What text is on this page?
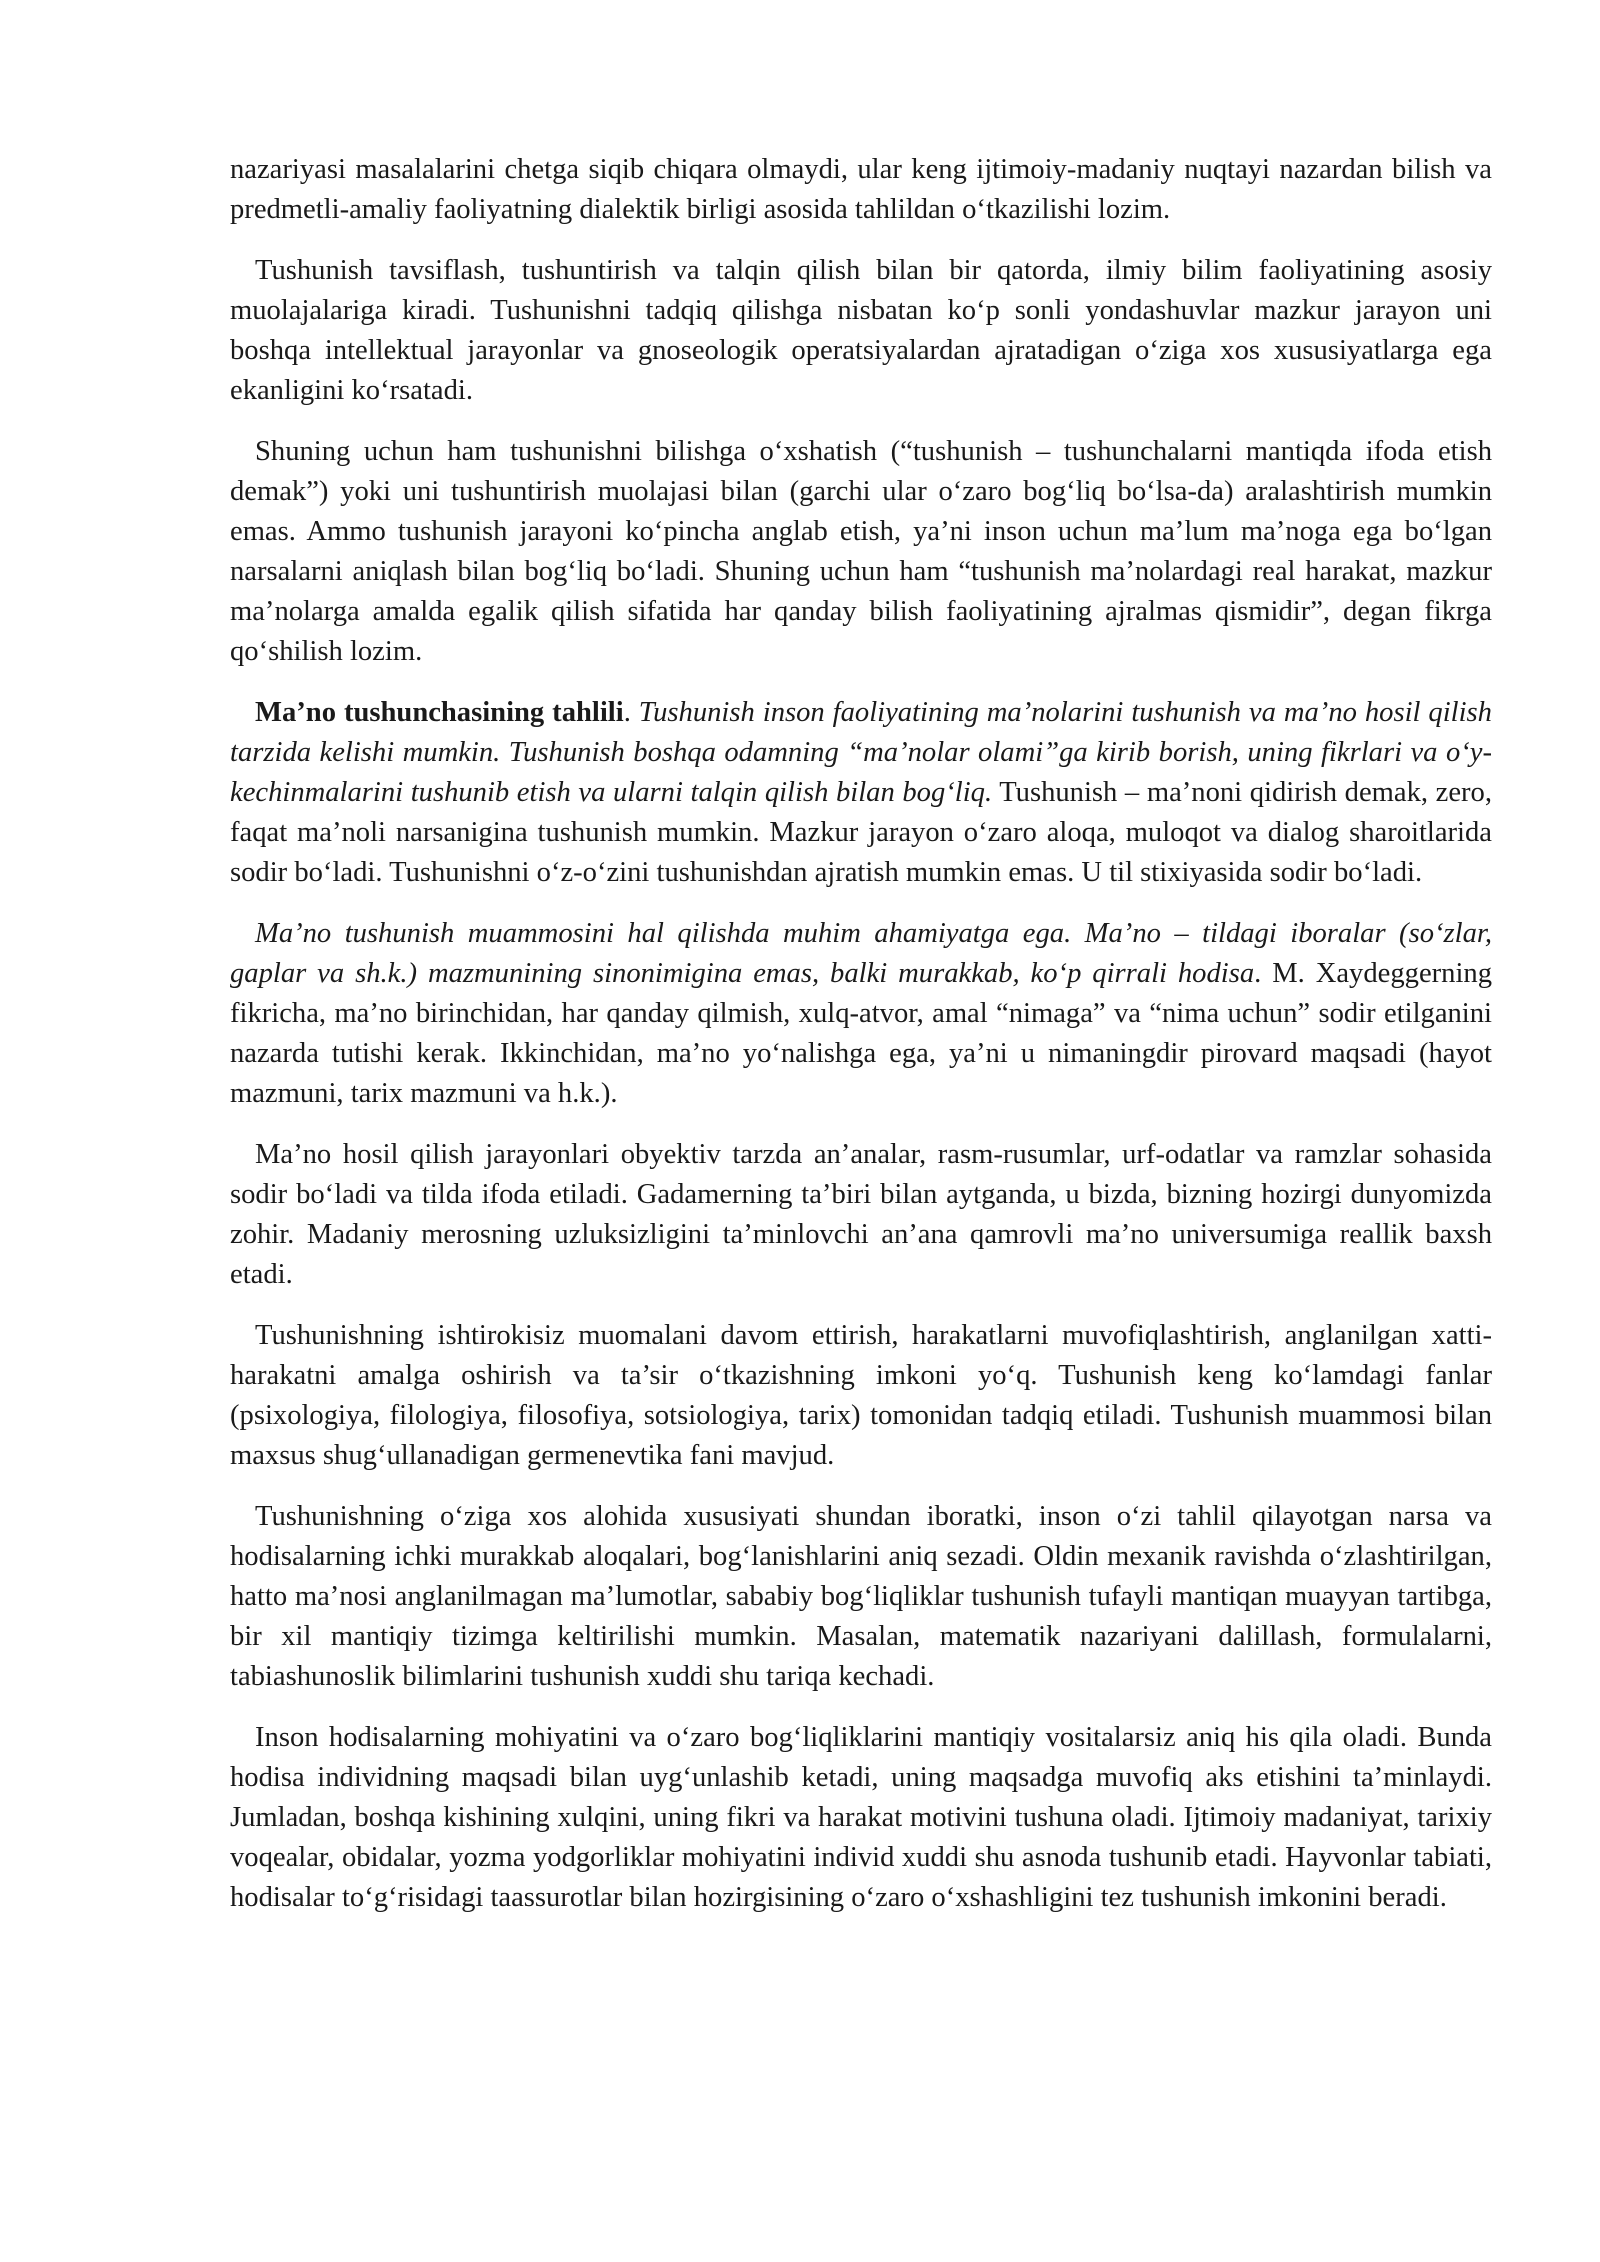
nazariyasi masalalarini chetga siqib chiqara olmaydi, ular keng ijtimoiy-madaniy nuqtayi nazardan bilish va predmetli-amaliy faoliyatning dialektik birligi asosida tahlildan o‘tkazilishi lozim.

Tushunish tavsiflash, tushuntirish va talqin qilish bilan bir qatorda, ilmiy bilim faoliyatining asosiy muolajalariga kiradi. Tushunishni tadqiq qilishga nisbatan ko‘p sonli yondashuvlar mazkur jarayon uni boshqa intellektual jarayonlar va gnoseologik operatsiyalardan ajratadigan o‘ziga xos xususiyatlarga ega ekanligini ko‘rsatadi.

Shuning uchun ham tushunishni bilishga o‘xshatish (“tushunish – tushunchalarni mantiqda ifoda etish demak”) yoki uni tushuntirish muolajasi bilan (garchi ular o‘zaro bog‘liq bo‘lsa-da) aralashtirish mumkin emas. Ammo tushunish jarayoni ko‘pincha anglab etish, ya’ni inson uchun ma’lum ma’noga ega bo‘lgan narsalarni aniqlash bilan bog‘liq bo‘ladi. Shuning uchun ham “tushunish ma’nolardagi real harakat, mazkur ma’nolarga amalda egalik qilish sifatida har qanday bilish faoliyatining ajralmas qismidir”, degan fikrga qo‘shilish lozim.

Ma’no tushunchasining tahlili. Tushunish inson faoliyatining ma’nolarini tushunish va ma’no hosil qilish tarzida kelishi mumkin. Tushunish boshqa odamning “ma’nolar olami”ga kirib borish, uning fikrlari va o‘y-kechinmalarini tushunib etish va ularni talqin qilish bilan bog‘liq. Tushunish – ma’noni qidirish demak, zero, faqat ma’noli narsanigina tushunish mumkin. Mazkur jarayon o‘zaro aloqa, muloqot va dialog sharoitlarida sodir bo‘ladi. Tushunishni o‘z-o‘zini tushunishdan ajratish mumkin emas. U til stixiyasida sodir bo‘ladi.

Ma’no tushunish muammosini hal qilishda muhim ahamiyatga ega. Ma’no – tildagi iboralar (so‘zlar, gaplar va sh.k.) mazmunining sinonimigina emas, balki murakkab, ko‘p qirrali hodisa. M. Xaydeggerning fikricha, ma’no birinchidan, har qanday qilmish, xulq-atvor, amal “nimaga” va “nima uchun” sodir etilganini nazarda tutishi kerak. Ikkinchidan, ma’no yo‘nalishga ega, ya’ni u nimaningdir pirovard maqsadi (hayot mazmuni, tarix mazmuni va h.k.).

Ma’no hosil qilish jarayonlari obyektiv tarzda an’analar, rasm-rusumlar, urf-odatlar va ramzlar sohasida sodir bo‘ladi va tilda ifoda etiladi. Gadamerning ta’biri bilan aytganda, u bizda, bizning hozirgi dunyomizda zohir. Madaniy merosning uzluksizligini ta’minlovchi an’ana qamrovli ma’no universumiga reallik baxsh etadi.

Tushunishning ishtirokisiz muomalani davom ettirish, harakatlarni muvofiqlashtirish, anglanilgan xatti-harakatni amalga oshirish va ta’sir o‘tkazishning imkoni yo‘q. Tushunish keng ko‘lamdagi fanlar (psixologiya, filologiya, filosofiya, sotsiologiya, tarix) tomonidan tadqiq etiladi. Tushunish muammosi bilan maxsus shug‘ullanadigan germenevtika fani mavjud.

Tushunishning o‘ziga xos alohida xususiyati shundan iboratki, inson o‘zi tahlil qilayotgan narsa va hodisalarning ichki murakkab aloqalari, bog‘lanishlarini aniq sezadi. Oldin mexanik ravishda o‘zlashtirilgan, hatto ma’nosi anglanilmagan ma’lumotlar, sababiy bog‘liqliklar tushunish tufayli mantiqan muayyan tartibga, bir xil mantiqiy tizimga keltirilishi mumkin. Masalan, matematik nazariyani dalillash, formulalarni, tabiashunoslik bilimlarini tushunish xuddi shu tariqa kechadi.

Inson hodisalarning mohiyatini va o‘zaro bog‘liqliklarini mantiqiy vositalarsiz aniq his qila oladi. Bunda hodisa individning maqsadi bilan uyg‘unlashib ketadi, uning maqsadga muvofiq aks etishini ta’minlaydi. Jumladan, boshqa kishining xulqini, uning fikri va harakat motivini tushuna oladi. Ijtimoiy madaniyat, tarixiy voqealar, obidalar, yozma yodgorliklar mohiyatini individ xuddi shu asnoda tushunib etadi. Hayvonlar tabiati, hodisalar to‘g‘risidagi taassurotlar bilan hozirgisining o‘zaro o‘xshashligini tez tushunish imkonini beradi.
